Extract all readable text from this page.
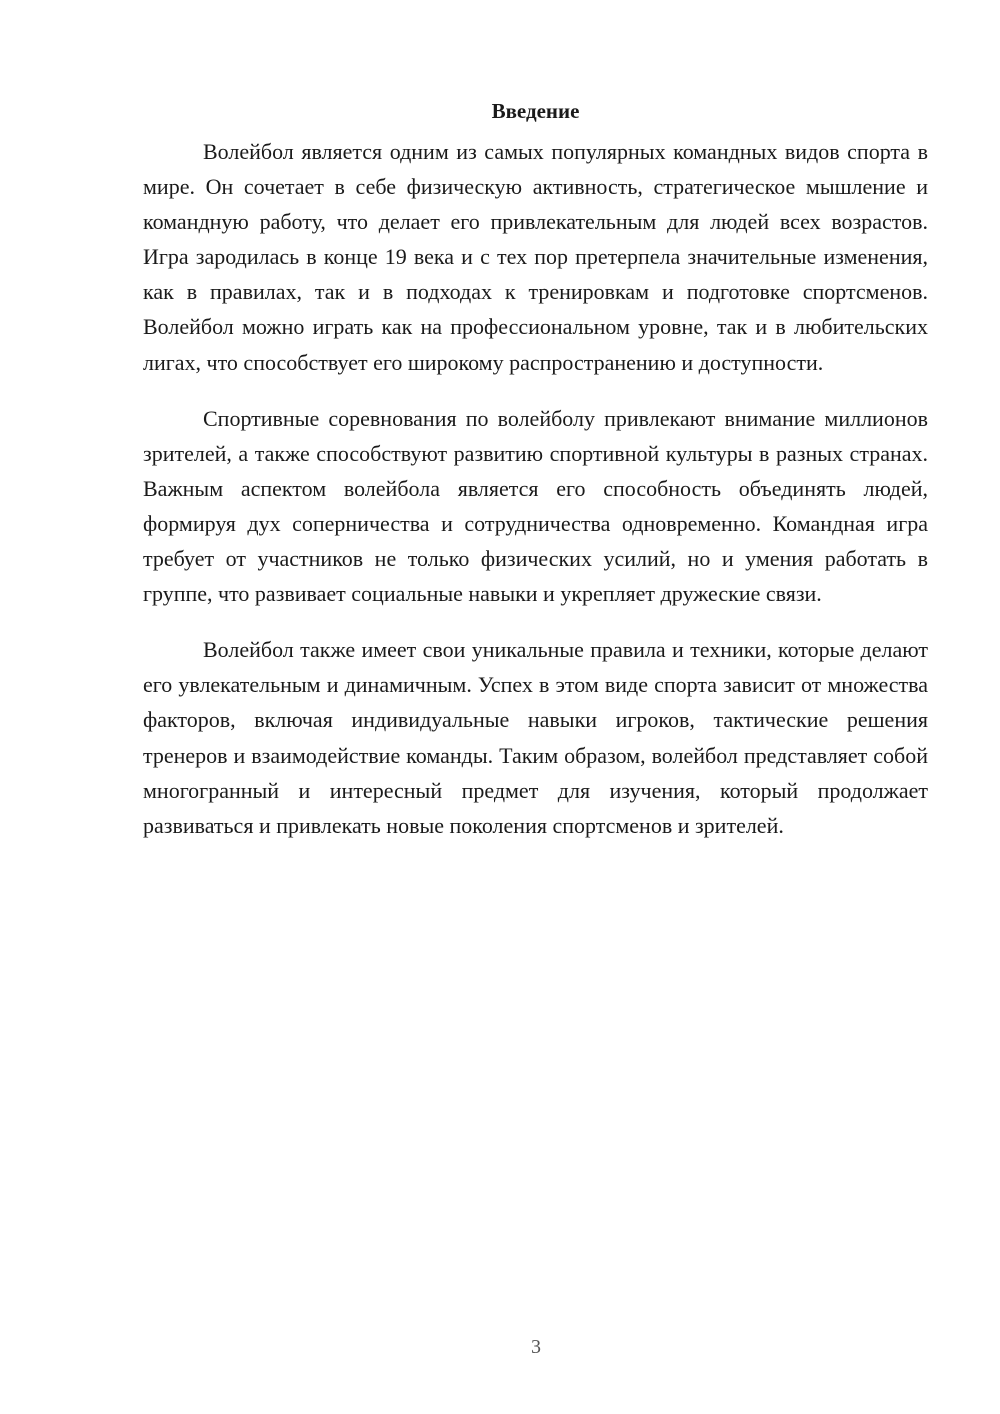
Введение

Волейбол является одним из самых популярных командных видов спорта в мире. Он сочетает в себе физическую активность, стратегическое мышление и командную работу, что делает его привлекательным для людей всех возрастов. Игра зародилась в конце 19 века и с тех пор претерпела значительные изменения, как в правилах, так и в подходах к тренировкам и подготовке спортсменов. Волейбол можно играть как на профессиональном уровне, так и в любительских лигах, что способствует его широкому распространению и доступности.

Спортивные соревнования по волейболу привлекают внимание миллионов зрителей, а также способствуют развитию спортивной культуры в разных странах. Важным аспектом волейбола является его способность объединять людей, формируя дух соперничества и сотрудничества одновременно. Командная игра требует от участников не только физических усилий, но и умения работать в группе, что развивает социальные навыки и укрепляет дружеские связи.

Волейбол также имеет свои уникальные правила и техники, которые делают его увлекательным и динамичным. Успех в этом виде спорта зависит от множества факторов, включая индивидуальные навыки игроков, тактические решения тренеров и взаимодействие команды. Таким образом, волейбол представляет собой многогранный и интересный предмет для изучения, который продолжает развиваться и привлекать новые поколения спортсменов и зрителей.

3
